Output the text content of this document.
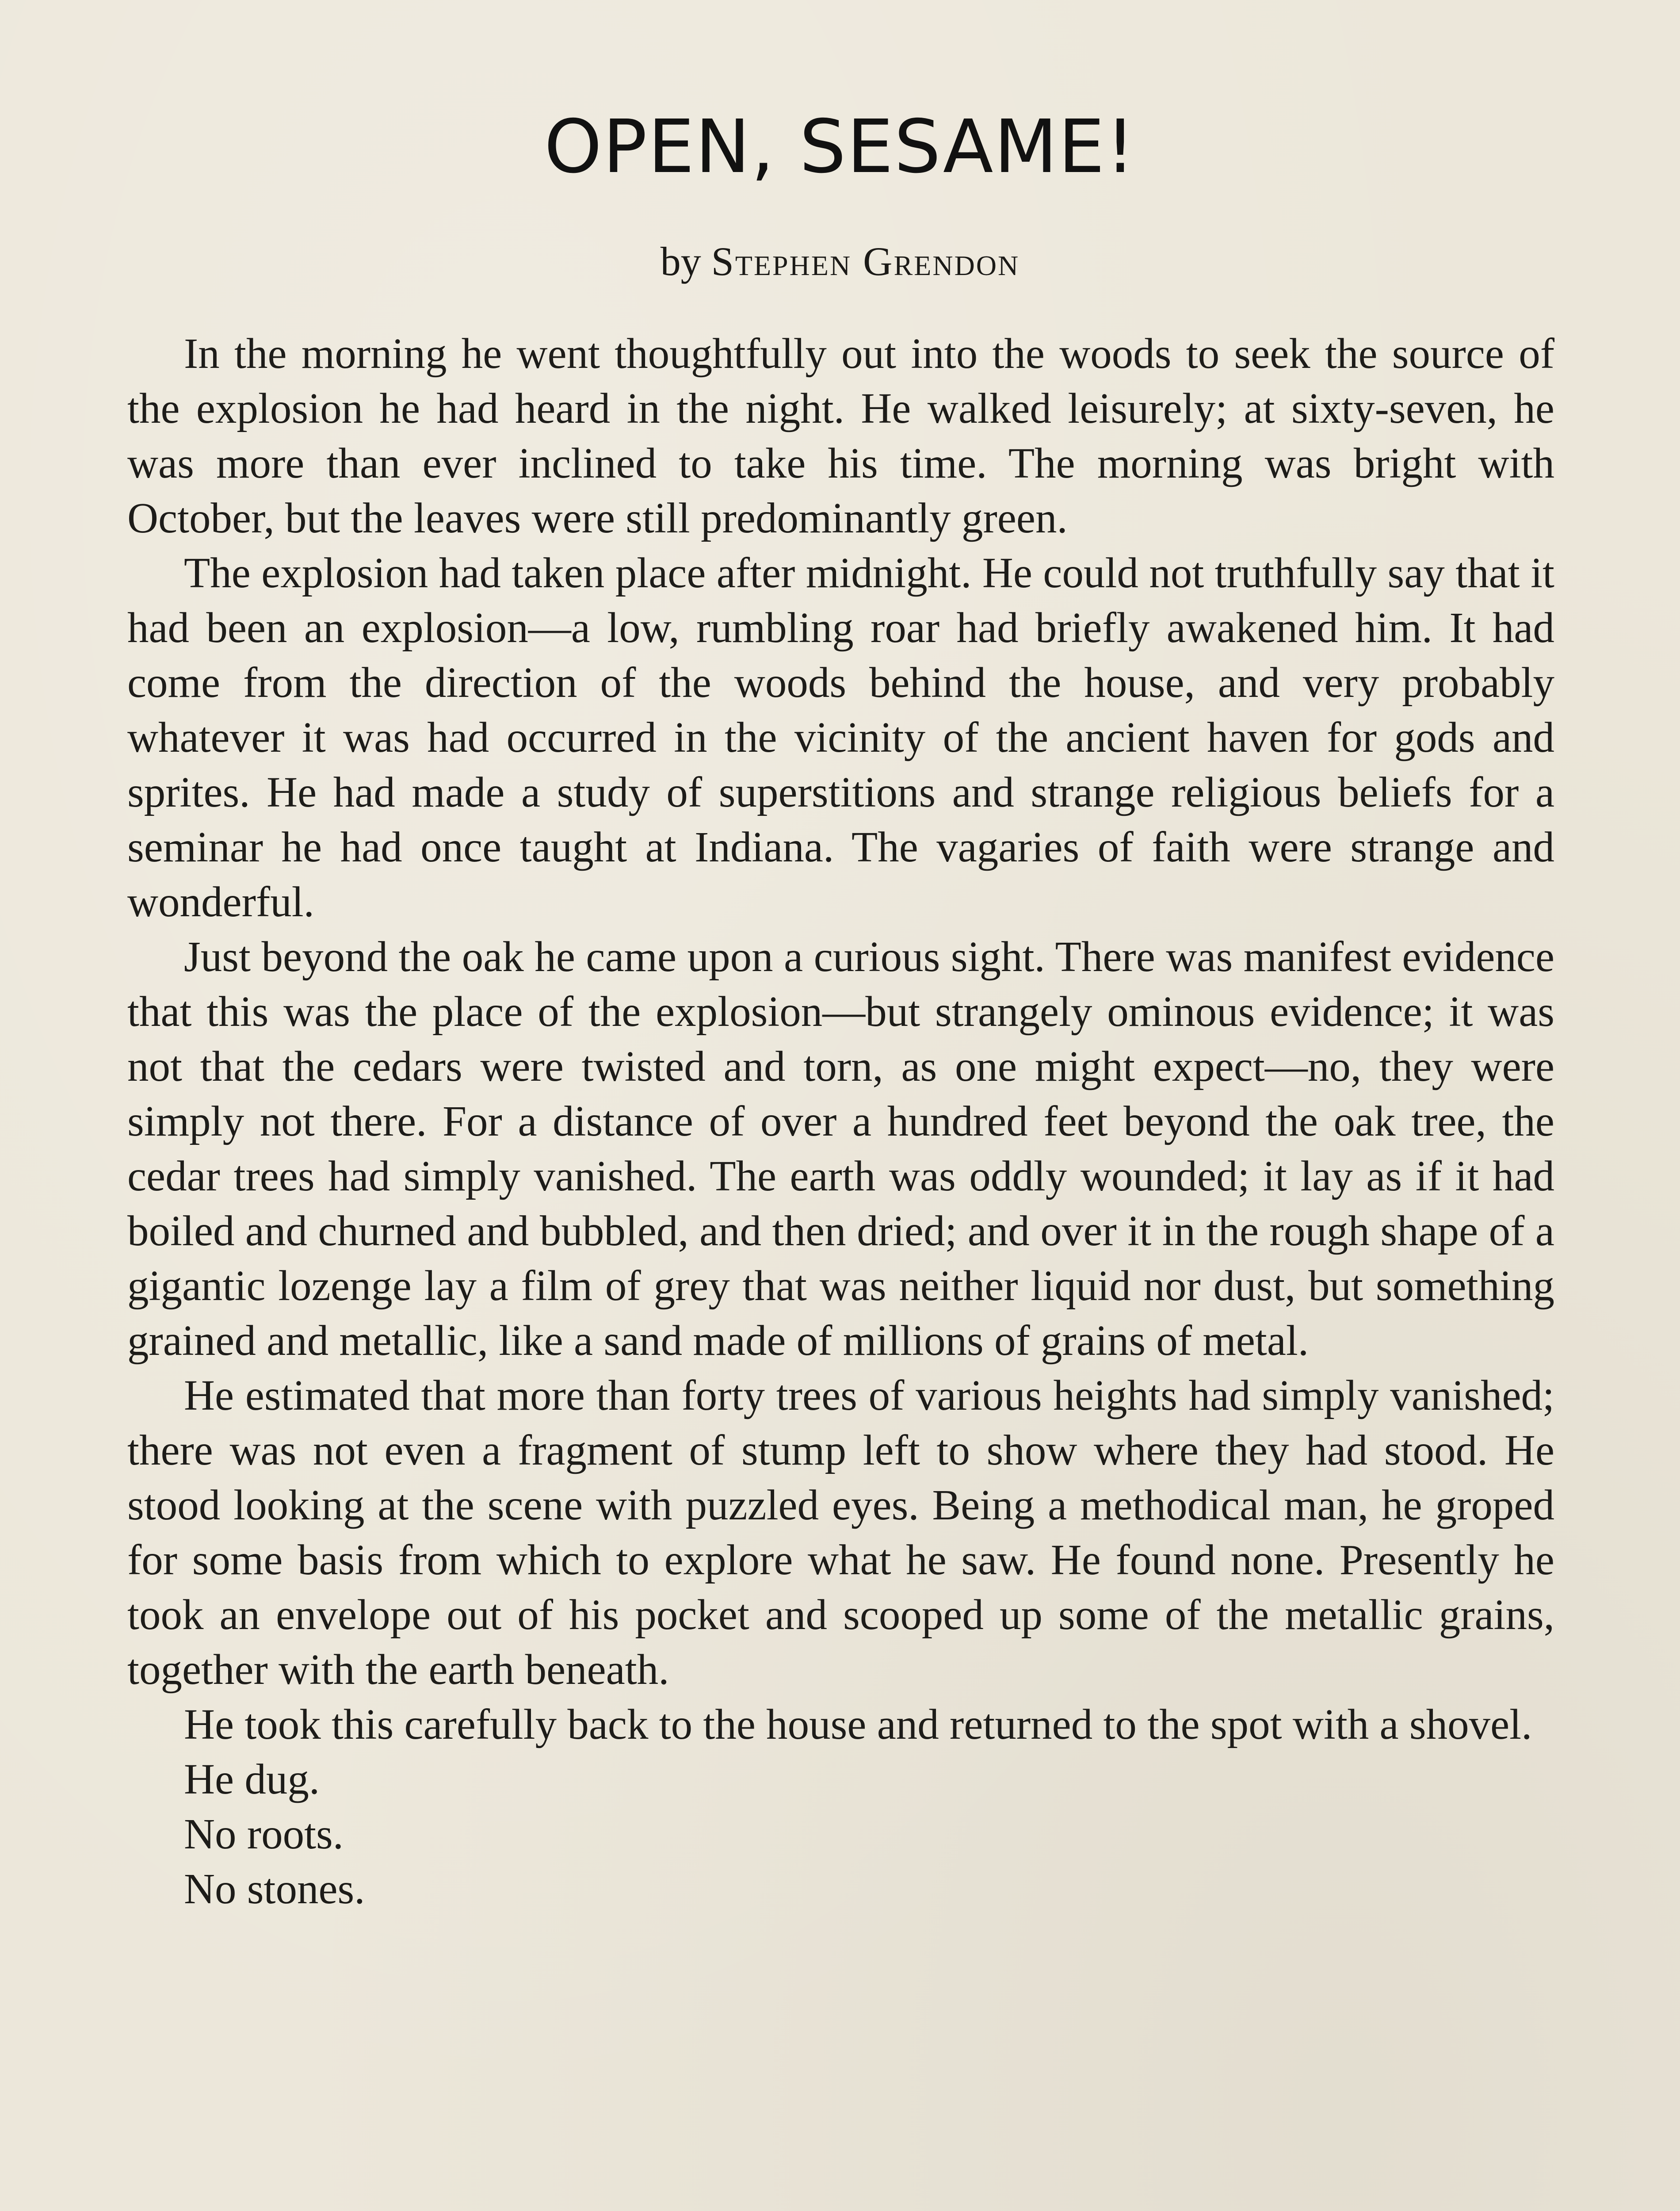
OPEN, SESAME!
by Stephen Grendon

In the morning he went thoughtfully out into the woods to seek the source of the explosion he had heard in the night. He walked leisurely; at sixty-seven, he was more than ever inclined to take his time. The morning was bright with October, but the leaves were still predominantly green.

The explosion had taken place after midnight. He could not truthfully say that it had been an explosion—a low, rumbling roar had briefly awakened him. It had come from the direction of the woods behind the house, and very probably whatever it was had occurred in the vicinity of the ancient haven for gods and sprites. He had made a study of superstitions and strange religious beliefs for a seminar he had once taught at Indiana. The vagaries of faith were strange and wonderful.

Just beyond the oak he came upon a curious sight. There was manifest evidence that this was the place of the explosion—but strangely ominous evidence; it was not that the cedars were twisted and torn, as one might expect—no, they were simply not there. For a distance of over a hundred feet beyond the oak tree, the cedar trees had simply vanished. The earth was oddly wounded; it lay as if it had boiled and churned and bubbled, and then dried; and over it in the rough shape of a gigantic lozenge lay a film of grey that was neither liquid nor dust, but something grained and metallic, like a sand made of millions of grains of metal.

He estimated that more than forty trees of various heights had simply vanished; there was not even a fragment of stump left to show where they had stood. He stood looking at the scene with puzzled eyes. Being a methodical man, he groped for some basis from which to explore what he saw. He found none. Presently he took an envelope out of his pocket and scooped up some of the metallic grains, together with the earth beneath.

He took this carefully back to the house and returned to the spot with a shovel.

He dug.

No roots.

No stones.
